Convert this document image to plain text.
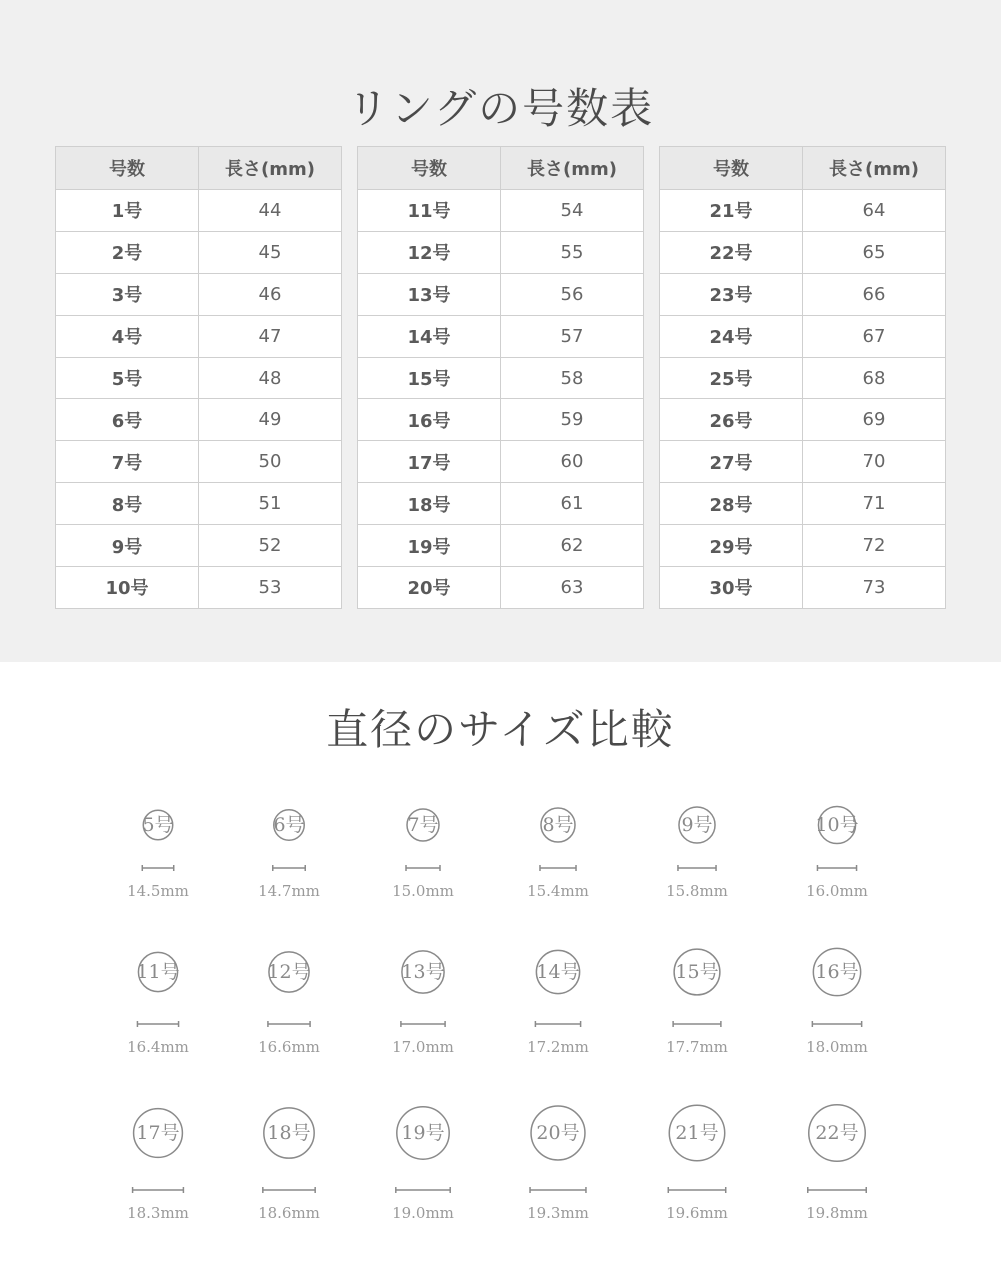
リングの号数表
号数	長さ(mm)
1号	44
2号	45
3号	46
4号	47
5号	48
6号	49
7号	50
8号	51
9号	52
10号	53
号数	長さ(mm)
11号	54
12号	55
13号	56
14号	57
15号	58
16号	59
17号	60
18号	61
19号	62
20号	63
号数	長さ(mm)
21号	64
22号	65
23号	66
24号	67
25号	68
26号	69
27号	70
28号	71
29号	72
30号	73
直径のサイズ比較
5号
14.5mm
6号
14.7mm
7号
15.0mm
8号
15.4mm
9号
15.8mm
10号
16.0mm
11号
16.4mm
12号
16.6mm
13号
17.0mm
14号
17.2mm
15号
17.7mm
16号
18.0mm
17号
18.3mm
18号
18.6mm
19号
19.0mm
20号
19.3mm
21号
19.6mm
22号
19.8mm
